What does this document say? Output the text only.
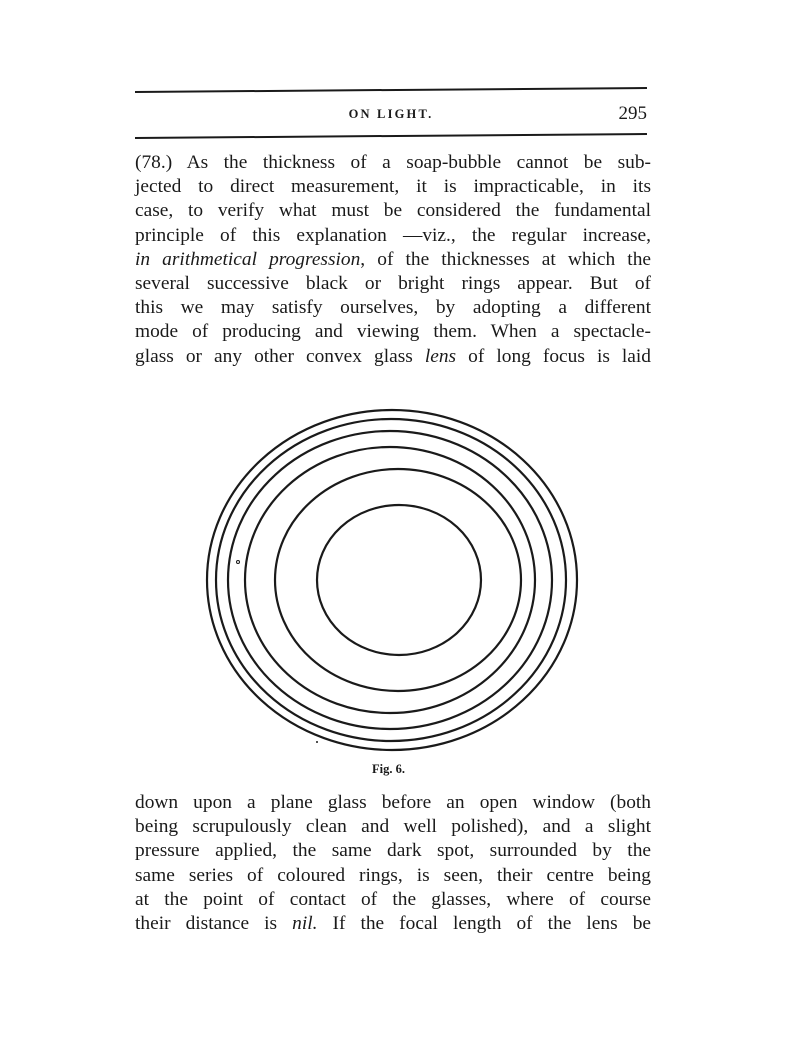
ON LIGHT.	295
(78.) As the thickness of a soap-bubble cannot be sub-
jected to direct measurement, it is impracticable, in its
case, to verify what must be considered the fundamental
principle of this explanation —viz., the regular increase,
in arithmetical progression, of the thicknesses at which the
several successive black or bright rings appear. But of
this we may satisfy ourselves, by adopting a different
mode of producing and viewing them. When a spectacle-
glass or any other convex glass lens of long focus is laid
Fig. 6.
down upon a plane glass before an open window (both
being scrupulously clean and well polished), and a slight
pressure applied, the same dark spot, surrounded by the
same series of coloured rings, is seen, their centre being
at the point of contact of the glasses, where of course
their distance is nil. If the focal length of the lens be
